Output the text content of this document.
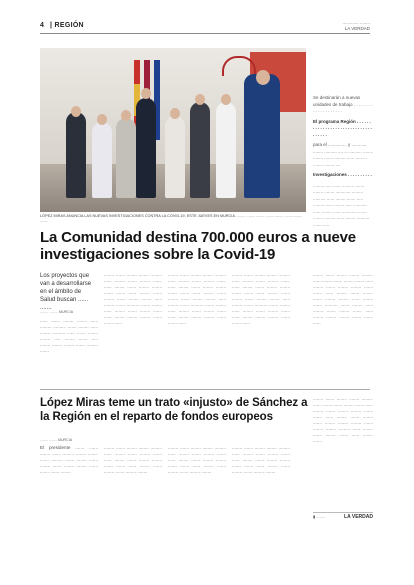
4 | REGIÓN	............. ........
LA VERDAD
LÓPEZ MIRAS ANUNCIA LAS NUEVAS INVESTIGACIONES CONTRA LA COVID-19, ESTE JUEVES EN MURCIA. ........ ........ ........ ........ ........ ........ ........ ........
Se destinarán a nuevas unidades de trabajo . . . . . . . . . . . . . . . . . . . .
El programa Región . . . . . . . . . . . . . . . . . . . . . . . . . . . . . . . . . . . .
para el ............... y ............ ........ .......... .... ... .......... ........ ........ ....... ......... ...... ......... ........ ........ ....
Investigaciones . . . . . . . . . .
......... ..... ...... .......... ....... ........ ........ ............ ......... .......... ...... ........ ....... ..... ......... ...... ........ ..... ........... ...... ........ ...... ............ ....... ........ ......... ...... ........ .......... ....... .....
La Comunidad destina 700.000 euros a nueve investigaciones sobre la Covid-19
Los proyectos que van a desarrollarse en el ámbito de Salud buscan ...... .......
........ ......... MURCIA

...... ....... ........ ........ ...... ......... .......... ....... ........ ...... ........ .......... ...... ....... ........ ........ ..... ........ ....... ..... ........ ........ ........ ....... ......... .......

........ ....... ........ ........ ......... ...... ........ ....... ........ ....... ...... ........ ....... ........ ........ ....... ....... ...... ........ ....... ........ ....... ........ ........ ...... ........ ....... .......... ....... ........ ...... ........ ....... ........ ....... ...... ........ ........ ........ ....... ....... ......

........ ....... ........ ........ ......... ...... ........ ....... ........ ....... ...... ........ ....... ........ ........ ....... ....... ...... ........ ....... ........ ....... ........ ........ ...... ........ ....... .......... ....... ........ ...... ........ ....... ........ ....... ...... ........ ........ ........ ....... ....... ......

........ ....... ........ ........ ......... ...... ........ ....... ........ ....... ...... ........ ....... ........ ........ ....... ....... ...... ........ ....... ........ ....... ........ ........ ...... ........ ....... .......... ....... ........ ...... ........ ....... ........ ....... ...... ........ ........ ........ ....... ....... ......

........ ....... ........ ........ ......... ...... ........ ....... ........ ....... ...... ........ ....... ........ ........ ....... ....... ...... ........ ....... ........ ....... ........ ........ ...... ........ ....... .......... ....... ........ ...... ........ ....... ........ ....... ...... ........ ........ ........ ....... ....... ......

López Miras teme un trato «injusto» de Sánchez a la Región en el reparto de fondos europeos
........ ........ MURCIA

El presidente ....... ....... ........ ....... ......... ........ ........ ....... ......... ....... ........ ....... ........ ....... ........ ........ ....... ....... ....... ........

........ ....... ........ ........ ......... ...... ........ ....... ........ ....... ...... ........ ....... ........ ........ ....... ....... ...... ........ ....... ........ ....... ........ ........

........ ....... ........ ........ ......... ...... ........ ....... ........ ....... ...... ........ ....... ........ ........ ....... ....... ...... ........ ....... ........ ....... ........ ........

........ ....... ........ ........ ......... ...... ........ ....... ........ ....... ...... ........ ....... ........ ........ ....... ....... ...... ........ ....... ........ ....... ........ ........

........ ....... ........ ........ ......... ...... ........ ....... ........ ....... ...... ........ ....... ........ ........ ....... ....... ...... ........ ....... ........ ....... ........ ........ ........ ....... ........ ........ ......... ...... ........ ....... ........ ....... ...... ........ .......

▮ ........	LA VERDAD
